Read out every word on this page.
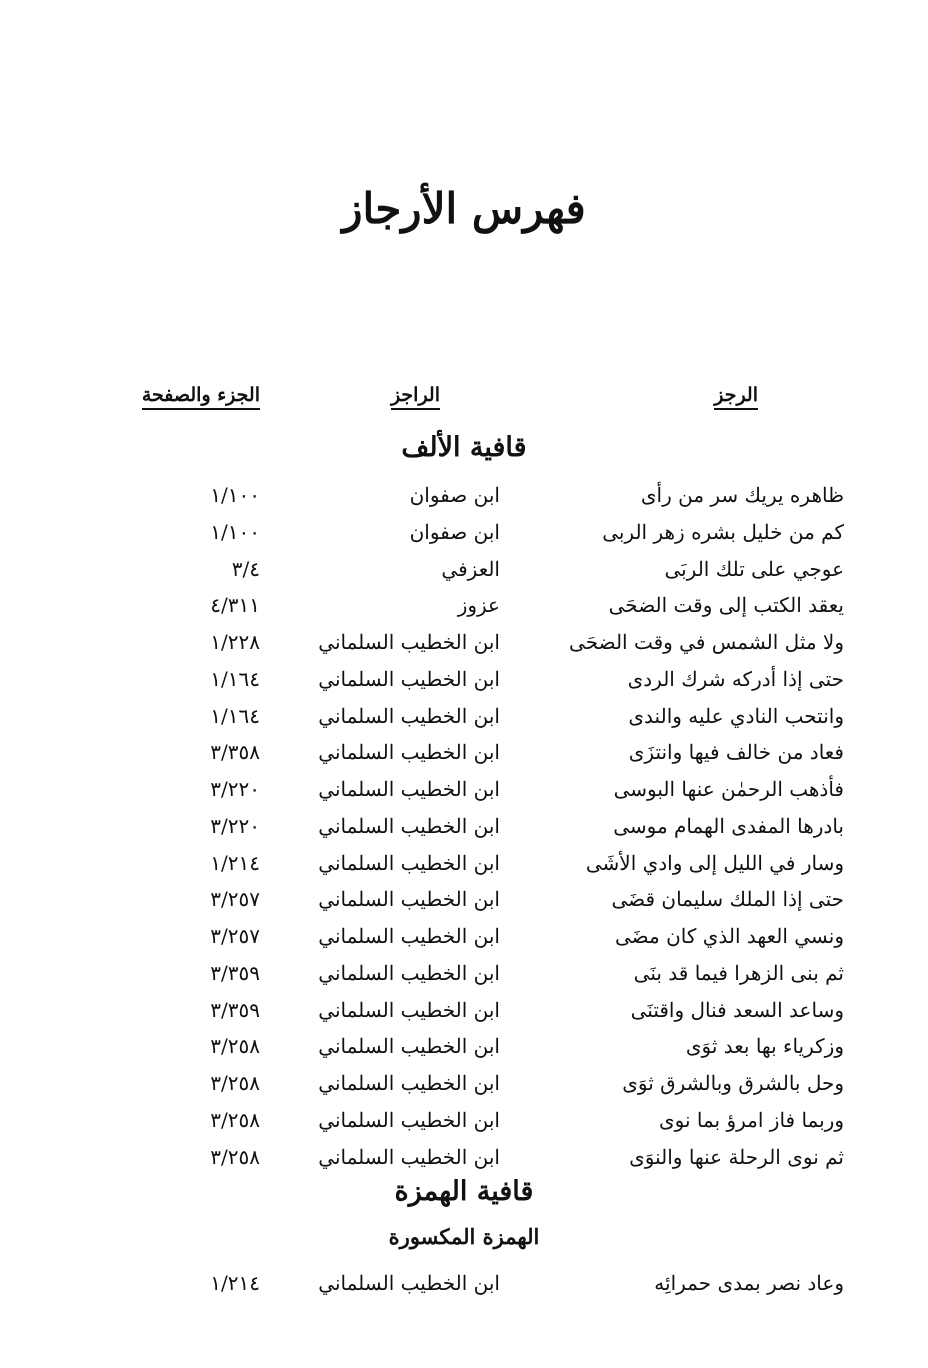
فهرس الأرجاز
الرجز
الراجز
الجزء والصفحة
قافية الألف
ظاهره يريك سر من رأى
ابن صفوان
١/١٠٠
كم من خليل بشره زهر الربى
ابن صفوان
١/١٠٠
عوجي على تلك الربَى
العزفي
٣/٤
يعقد الكتب إلى وقت الضحَى
عزوز
٤/٣١١
ولا مثل الشمس في وقت الضحَى
ابن الخطيب السلماني
١/٢٢٨
حتى إذا أدركه شرك الردى
ابن الخطيب السلماني
١/١٦٤
وانتحب النادي عليه والندى
ابن الخطيب السلماني
١/١٦٤
فعاد من خالف فيها وانتزَى
ابن الخطيب السلماني
٣/٣٥٨
فأذهب الرحمٰن عنها البوسى
ابن الخطيب السلماني
٣/٢٢٠
بادرها المفدى الهمام موسى
ابن الخطيب السلماني
٣/٢٢٠
وسار في الليل إلى وادي الأشَى
ابن الخطيب السلماني
١/٢١٤
حتى إذا الملك سليمان قضَى
ابن الخطيب السلماني
٣/٢٥٧
ونسي العهد الذي كان مضَى
ابن الخطيب السلماني
٣/٢٥٧
ثم بنى الزهرا فيما قد بنَى
ابن الخطيب السلماني
٣/٣٥٩
وساعد السعد فنال واقتنَى
ابن الخطيب السلماني
٣/٣٥٩
وزكرياء بها بعد ثوَى
ابن الخطيب السلماني
٣/٢٥٨
وحل بالشرق وبالشرق ثوَى
ابن الخطيب السلماني
٣/٢٥٨
وربما فاز امرؤ بما نوى
ابن الخطيب السلماني
٣/٢٥٨
ثم نوى الرحلة عنها والنوَى
ابن الخطيب السلماني
٣/٢٥٨
قافية الهمزة
الهمزة المكسورة
وعاد نصر بمدى حمرائِه
ابن الخطيب السلماني
١/٢١٤
